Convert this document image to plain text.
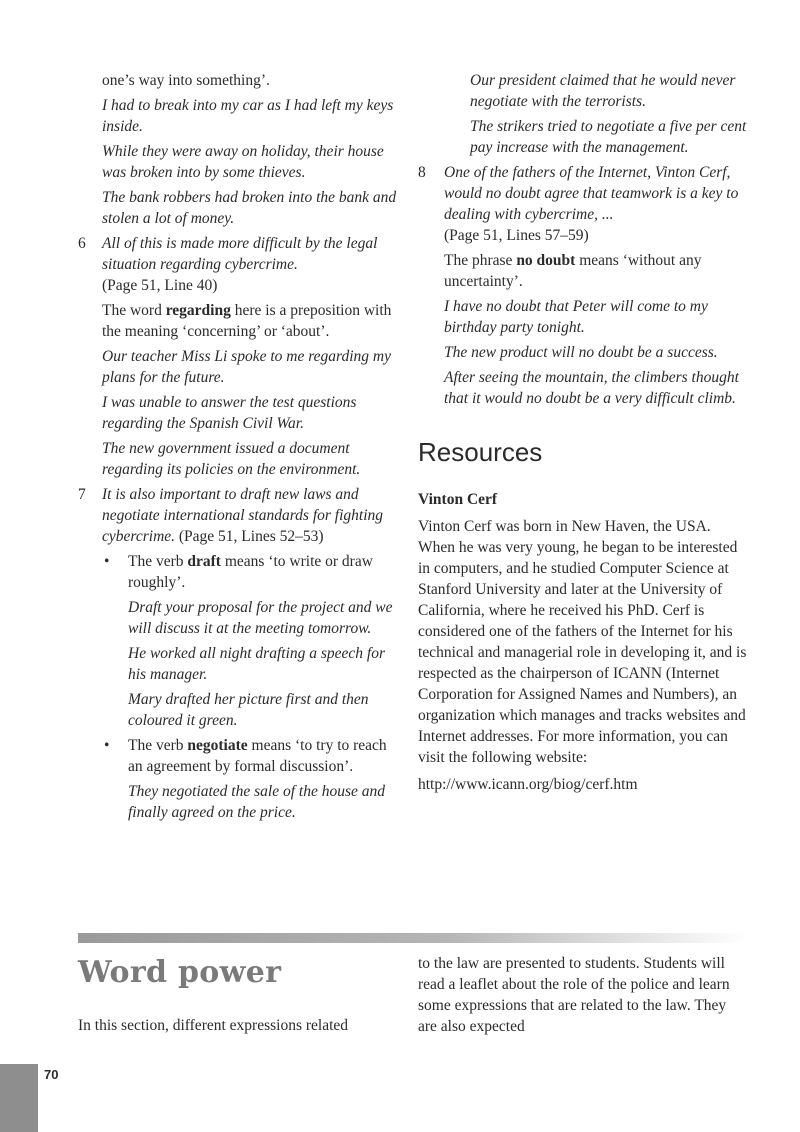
one’s way into something’.

I had to break into my car as I had left my keys inside.

While they were away on holiday, their house was broken into by some thieves.

The bank robbers had broken into the bank and stolen a lot of money.

6 All of this is made more difficult by the legal situation regarding cybercrime.

(Page 51, Line 40)

The word regarding here is a preposition with the meaning ‘concerning’ or ‘about’.

Our teacher Miss Li spoke to me regarding my plans for the future.

I was unable to answer the test questions regarding the Spanish Civil War.

The new government issued a document regarding its policies on the environment.

7 It is also important to draft new laws and negotiate international standards for fighting cybercrime. (Page 51, Lines 52–53)

• The verb draft means ‘to write or draw roughly’.

Draft your proposal for the project and we will discuss it at the meeting tomorrow.

He worked all night drafting a speech for his manager.

Mary drafted her picture first and then coloured it green.

• The verb negotiate means ‘to try to reach an agreement by formal discussion’.

They negotiated the sale of the house and finally agreed on the price.

Our president claimed that he would never negotiate with the terrorists.

The strikers tried to negotiate a five per cent pay increase with the management.

8 One of the fathers of the Internet, Vinton Cerf, would no doubt agree that teamwork is a key to dealing with cybercrime, ...

(Page 51, Lines 57–59)

The phrase no doubt means ‘without any uncertainty’.

I have no doubt that Peter will come to my birthday party tonight.

The new product will no doubt be a success.

After seeing the mountain, the climbers thought that it would no doubt be a very difficult climb.

Resources

Vinton Cerf

Vinton Cerf was born in New Haven, the USA. When he was very young, he began to be interested in computers, and he studied Computer Science at Stanford University and later at the University of California, where he received his PhD. Cerf is considered one of the fathers of the Internet for his technical and managerial role in developing it, and is respected as the chairperson of ICANN (Internet Corporation for Assigned Names and Numbers), an organization which manages and tracks websites and Internet addresses. For more information, you can visit the following website:

http://www.icann.org/biog/cerf.htm

Word power

In this section, different expressions related

to the law are presented to students. Students will read a leaflet about the role of the police and learn some expressions that are related to the law. They are also expected

70
